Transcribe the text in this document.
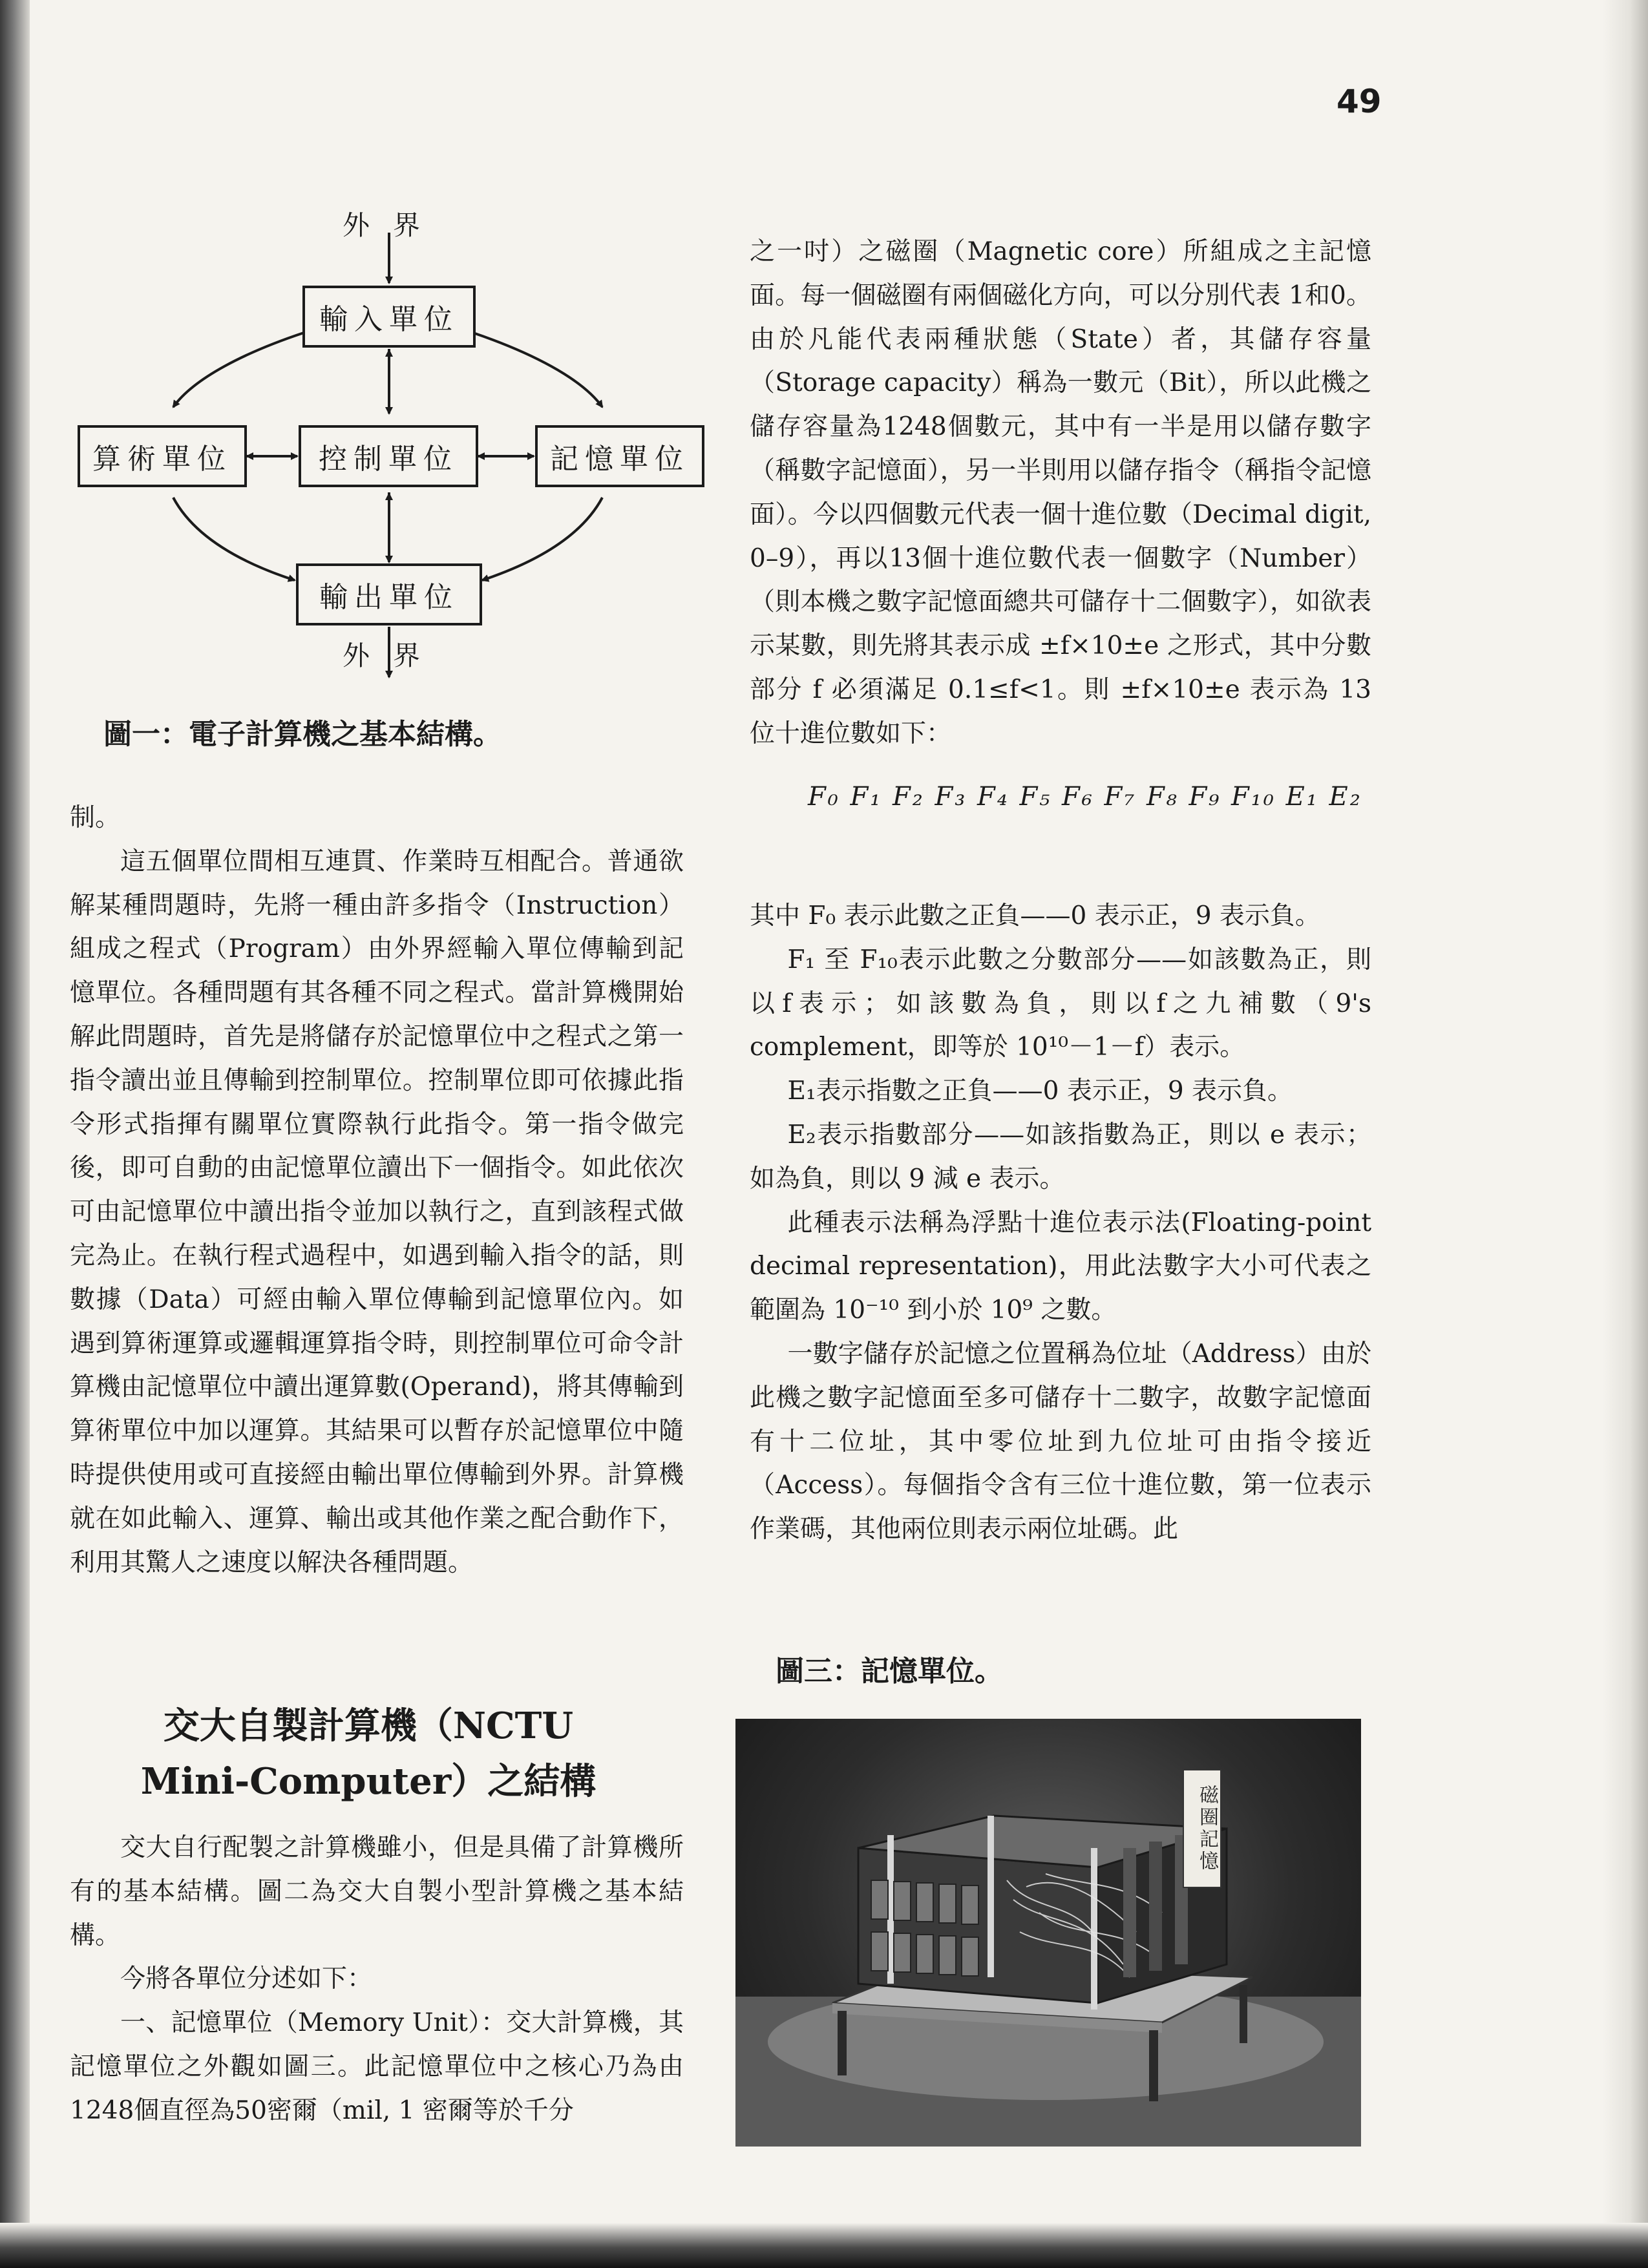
49
外界
輸入單位
算術單位	控制單位	記憶單位
輸出單位
外界
圖一：電子計算機之基本結構。

制。

這五個單位間相互連貫、作業時互相配合。普通欲解某種問題時，先將一種由許多指令（Instruction）組成之程式（Program）由外界經輸入單位傳輸到記憶單位。各種問題有其各種不同之程式。當計算機開始解此問題時，首先是將儲存於記憶單位中之程式之第一指令讀出並且傳輸到控制單位。控制單位即可依據此指令形式指揮有關單位實際執行此指令。第一指令做完後，即可自動的由記憶單位讀出下一個指令。如此依次可由記憶單位中讀出指令並加以執行之，直到該程式做完為止。在執行程式過程中，如遇到輸入指令的話，則數據（Data）可經由輸入單位傳輸到記憶單位內。如遇到算術運算或邏輯運算指令時，則控制單位可命令計算機由記憶單位中讀出運算數(Operand)，將其傳輸到算術單位中加以運算。其結果可以暫存於記憶單位中隨時提供使用或可直接經由輸出單位傳輸到外界。計算機就在如此輸入、運算、輸出或其他作業之配合動作下，利用其驚人之速度以解決各種問題。

交大自製計算機（NCTU
Mini-Computer）之結構

交大自行配製之計算機雖小，但是具備了計算機所有的基本結構。圖二為交大自製小型計算機之基本結構。

今將各單位分述如下：

一、記憶單位（Memory Unit）：交大計算機，其記憶單位之外觀如圖三。此記憶單位中之核心乃為由1248個直徑為50密爾（mil, 1 密爾等於千分

之一吋）之磁圈（Magnetic core）所組成之主記憶面。每一個磁圈有兩個磁化方向，可以分別代表 1和0。由於凡能代表兩種狀態（State）者，其儲存容量（Storage capacity）稱為一數元（Bit），所以此機之儲存容量為1248個數元，其中有一半是用以儲存數字（稱數字記憶面），另一半則用以儲存指令（稱指令記憶面）。今以四個數元代表一個十進位數（Decimal digit, 0–9），再以13個十進位數代表一個數字（Number）（則本機之數字記憶面總共可儲存十二個數字），如欲表示某數，則先將其表示成 ±f×10±e 之形式，其中分數部分 f 必須滿足 0.1≤f<1。則 ±f×10±e 表示為 13 位十進位數如下：

F₀ F₁ F₂ F₃ F₄ F₅ F₆ F₇ F₈ F₉ F₁₀ E₁ E₂

其中 F₀ 表示此數之正負——0 表示正，9 表示負。

F₁ 至 F₁₀表示此數之分數部分——如該數為正，則以f表示；如該數為負，則以f之九補數（9's complement，即等於 10¹⁰－1－f）表示。

E₁表示指數之正負——0 表示正，9 表示負。

E₂表示指數部分——如該指數為正，則以 e 表示；如為負，則以 9 減 e 表示。

此種表示法稱為浮點十進位表示法(Floating-point decimal representation)，用此法數字大小可代表之範圍為 10⁻¹⁰ 到小於 10⁹ 之數。

一數字儲存於記憶之位置稱為位址（Address）由於此機之數字記憶面至多可儲存十二數字，故數字記憶面有十二位址，其中零位址到九位址可由指令接近（Access）。每個指令含有三位十進位數，第一位表示作業碼，其他兩位則表示兩位址碼。此

圖三：記憶單位。
磁圈記憶
